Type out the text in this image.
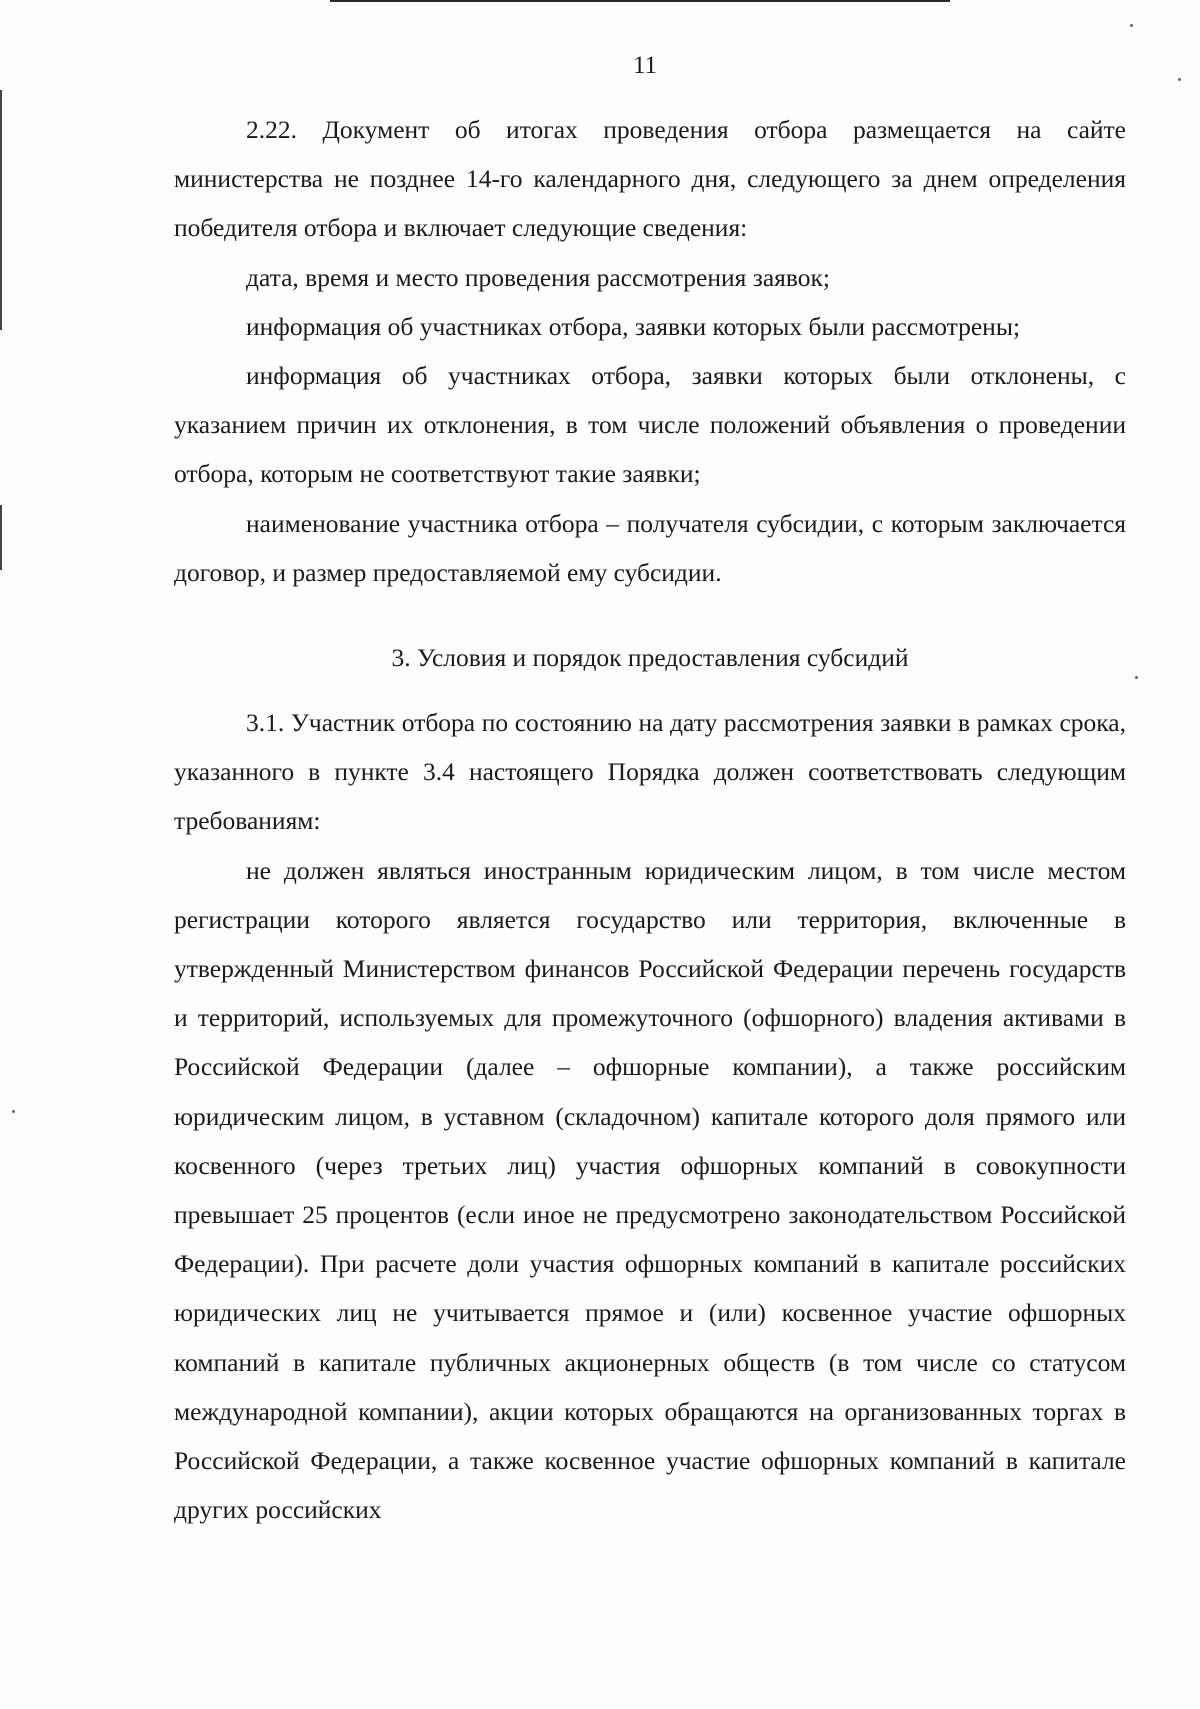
11

2.22. Документ об итогах проведения отбора размещается на сайте министерства не позднее 14-го календарного дня, следующего за днем определения победителя отбора и включает следующие сведения:

дата, время и место проведения рассмотрения заявок;

информация об участниках отбора, заявки которых были рассмотрены;

информация об участниках отбора, заявки которых были отклонены, с указанием причин их отклонения, в том числе положений объявления о проведении отбора, которым не соответствуют такие заявки;

наименование участника отбора – получателя субсидии, с которым заключается договор, и размер предоставляемой ему субсидии.

3. Условия и порядок предоставления субсидий

3.1. Участник отбора по состоянию на дату рассмотрения заявки в рамках срока, указанного в пункте 3.4 настоящего Порядка должен соответствовать следующим требованиям:

не должен являться иностранным юридическим лицом, в том числе местом регистрации которого является государство или территория, включенные в утвержденный Министерством финансов Российской Федерации перечень государств и территорий, используемых для промежуточного (офшорного) владения активами в Российской Федерации (далее – офшорные компании), а также российским юридическим лицом, в уставном (складочном) капитале которого доля прямого или косвенного (через третьих лиц) участия офшорных компаний в совокупности превышает 25 процентов (если иное не предусмотрено законодательством Российской Федерации). При расчете доли участия офшорных компаний в капитале российских юридических лиц не учитывается прямое и (или) косвенное участие офшорных компаний в капитале публичных акционерных обществ (в том числе со статусом международной компании), акции которых обращаются на организованных торгах в Российской Федерации, а также косвенное участие офшорных компаний в капитале других российских
